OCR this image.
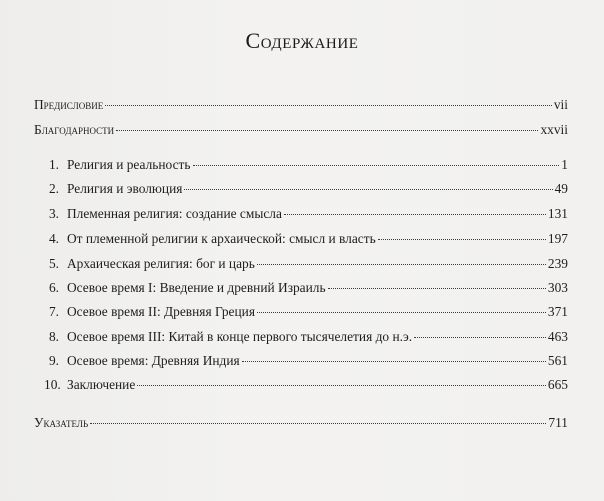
Содержание
Предисловие	vii
Благодарности	xxvii
1. Религия и реальность	1
2. Религия и эволюция	49
3. Племенная религия: создание смысла	131
4. От племенной религии к архаической: смысл и власть	197
5. Архаическая религия: бог и царь	239
6. Осевое время I: Введение и древний Израиль	303
7. Осевое время II: Древняя Греция	371
8. Осевое время III: Китай в конце первого тысячелетия до н.э.	463
9. Осевое время: Древняя Индия	561
10. Заключение	665
Указатель	711
